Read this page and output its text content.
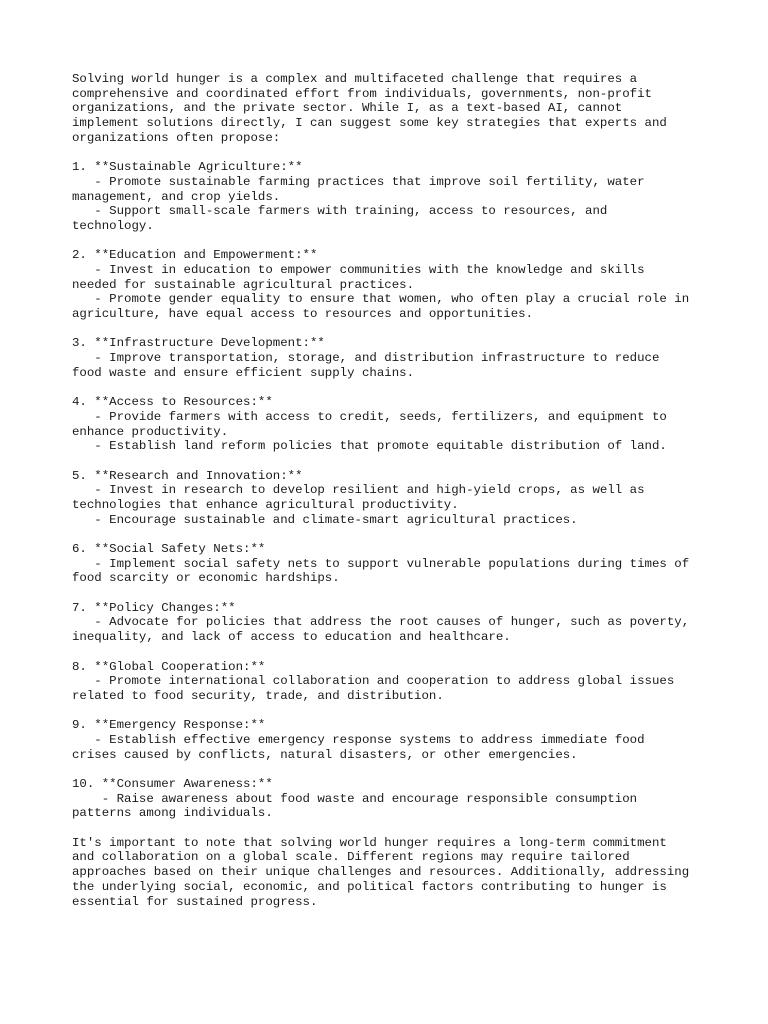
Solving world hunger is a complex and multifaceted challenge that requires a
comprehensive and coordinated effort from individuals, governments, non-profit
organizations, and the private sector. While I, as a text-based AI, cannot
implement solutions directly, I can suggest some key strategies that experts and
organizations often propose:
1. **Sustainable Agriculture:**
- Promote sustainable farming practices that improve soil fertility, water
management, and crop yields.
- Support small-scale farmers with training, access to resources, and
technology.
2. **Education and Empowerment:**
- Invest in education to empower communities with the knowledge and skills
needed for sustainable agricultural practices.
- Promote gender equality to ensure that women, who often play a crucial role in
agriculture, have equal access to resources and opportunities.
3. **Infrastructure Development:**
- Improve transportation, storage, and distribution infrastructure to reduce
food waste and ensure efficient supply chains.
4. **Access to Resources:**
- Provide farmers with access to credit, seeds, fertilizers, and equipment to
enhance productivity.
- Establish land reform policies that promote equitable distribution of land.
5. **Research and Innovation:**
- Invest in research to develop resilient and high-yield crops, as well as
technologies that enhance agricultural productivity.
- Encourage sustainable and climate-smart agricultural practices.
6. **Social Safety Nets:**
- Implement social safety nets to support vulnerable populations during times of
food scarcity or economic hardships.
7. **Policy Changes:**
- Advocate for policies that address the root causes of hunger, such as poverty,
inequality, and lack of access to education and healthcare.
8. **Global Cooperation:**
- Promote international collaboration and cooperation to address global issues
related to food security, trade, and distribution.
9. **Emergency Response:**
- Establish effective emergency response systems to address immediate food
crises caused by conflicts, natural disasters, or other emergencies.
10. **Consumer Awareness:**
- Raise awareness about food waste and encourage responsible consumption
patterns among individuals.
It's important to note that solving world hunger requires a long-term commitment
and collaboration on a global scale. Different regions may require tailored
approaches based on their unique challenges and resources. Additionally, addressing
the underlying social, economic, and political factors contributing to hunger is
essential for sustained progress.
